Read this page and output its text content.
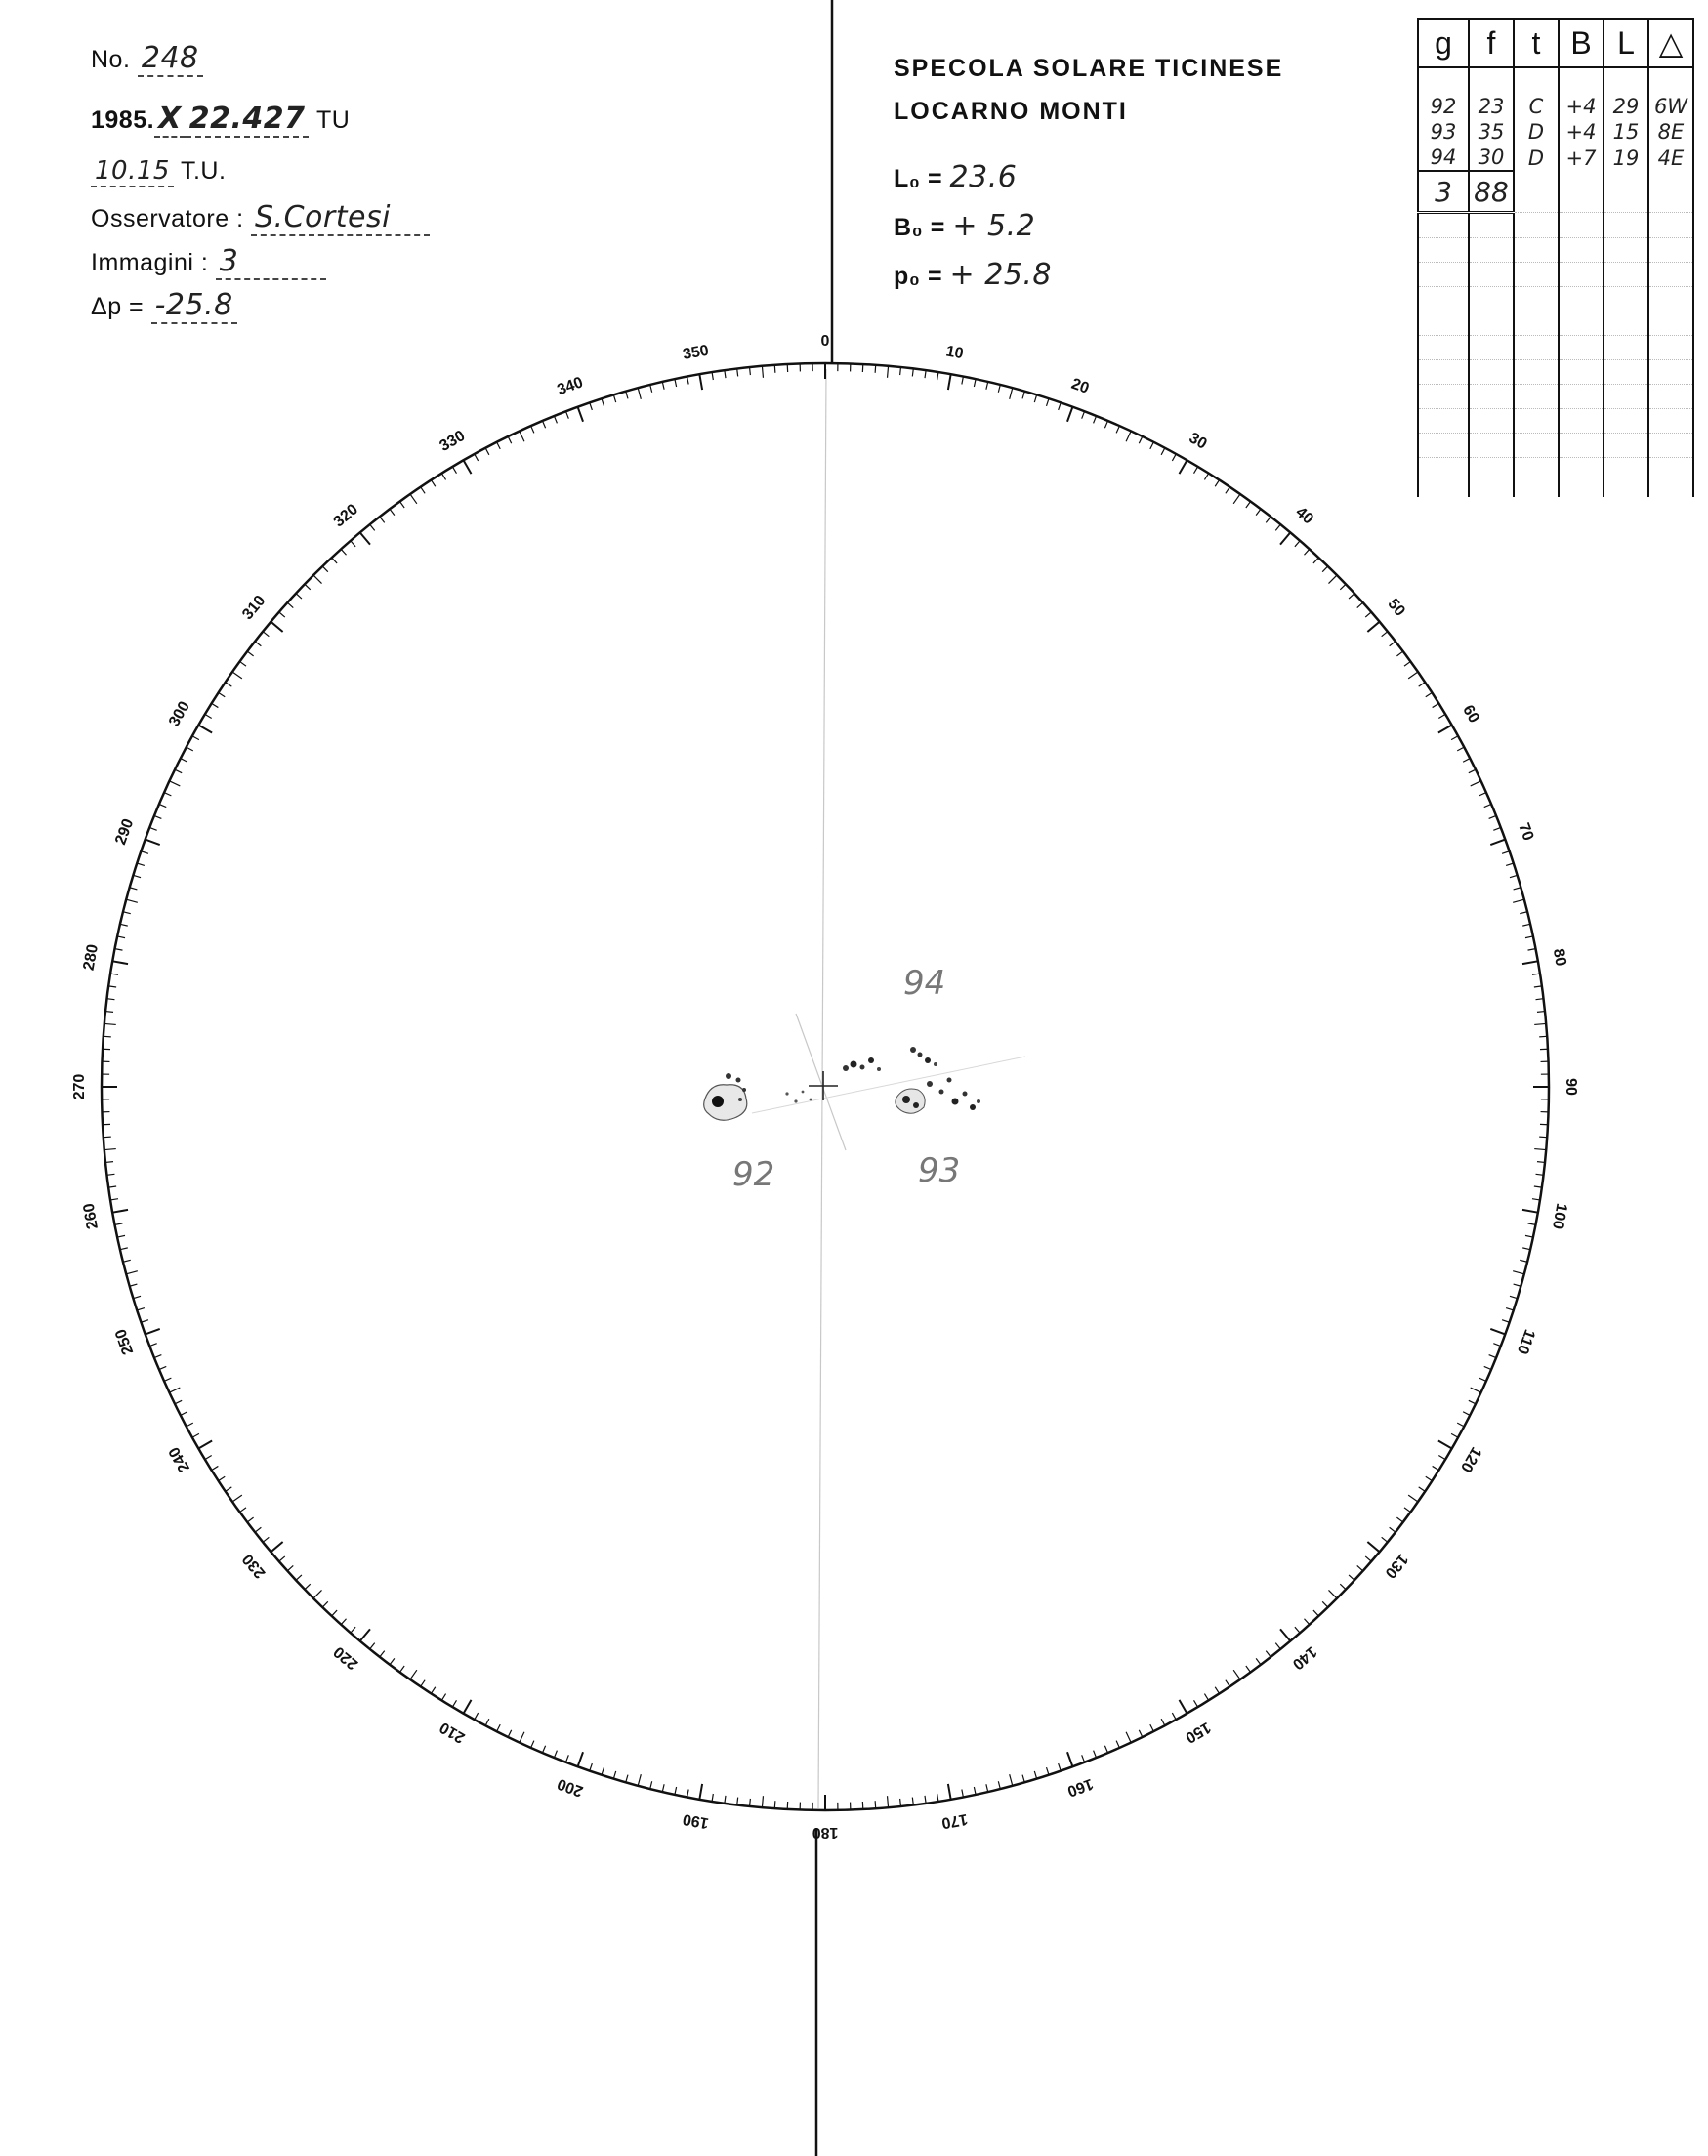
No. 248
1985. X 22.427 TU
10.15 T.U.
Osservatore : S.Cortesi
Immagini : 3
Δp = -25.8
SPECOLA SOLARE TICINESE
LOCARNO MONTI
L₀ = 23.6
B₀ = + 5.2
p₀ = + 25.8
g	f	t	B	L	△

92	23	C	+4	29	6W
93	35	D	+4	15	8E
94	30	D	+7	19	4E
3	88				

0
10
20
30
40
50
60
70
80
90
100
110
120
130
140
150
160
170
180
190
200
210
220
230
240
250
260
270
280
290
300
310
320
330
340
350
94
92	93
